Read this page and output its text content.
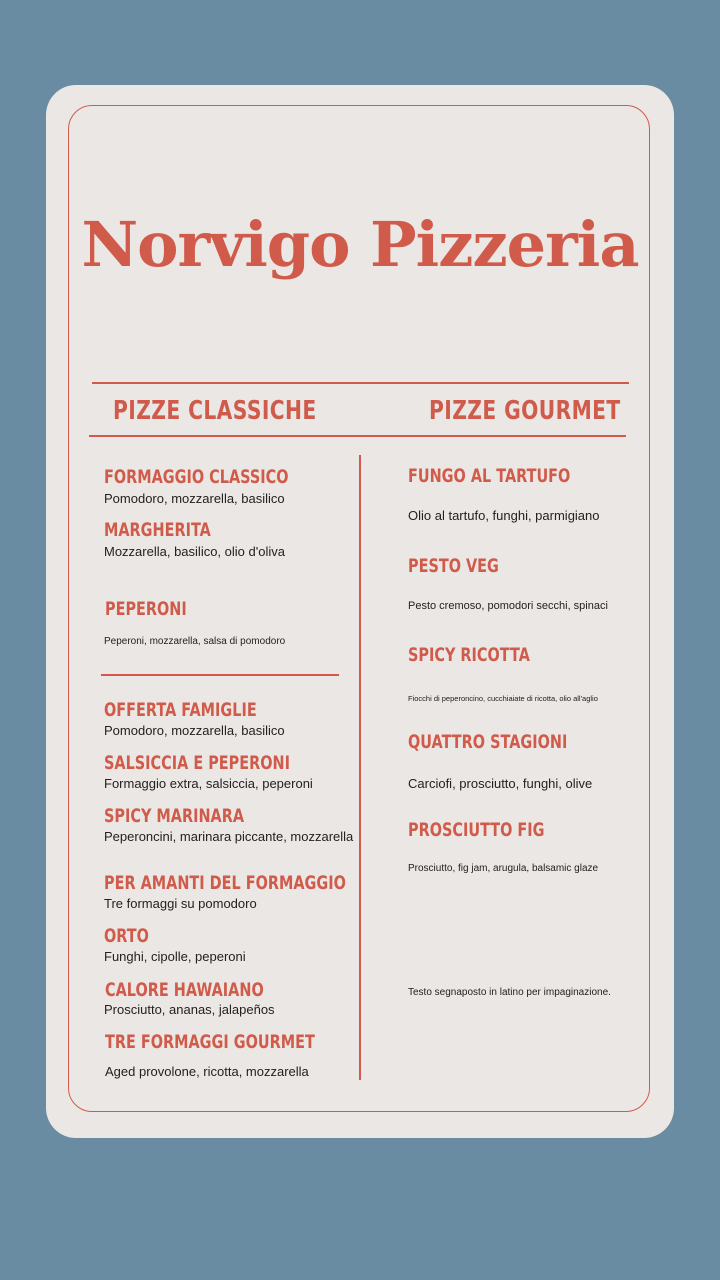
Norvigo Pizzeria
PIZZE CLASSICHE	PIZZE GOURMET
FORMAGGIO CLASSICO
Pomodoro, mozzarella, basilico
MARGHERITA
Mozzarella, basilico, olio d'oliva
PEPERONI
Peperoni, mozzarella, salsa di pomodoro
OFFERTA FAMIGLIE
Pomodoro, mozzarella, basilico
SALSICCIA E PEPERONI
Formaggio extra, salsiccia, peperoni
SPICY MARINARA
Peperoncini, marinara piccante, mozzarella
PER AMANTI DEL FORMAGGIO
Tre formaggi su pomodoro
ORTO
Funghi, cipolle, peperoni
CALORE HAWAIANO
Prosciutto, ananas, jalapeños
TRE FORMAGGI GOURMET
Aged provolone, ricotta, mozzarella
FUNGO AL TARTUFO
Olio al tartufo, funghi, parmigiano
PESTO VEG
Pesto cremoso, pomodori secchi, spinaci
SPICY RICOTTA
Fiocchi di peperoncino, cucchiaiate di ricotta, olio all'aglio
QUATTRO STAGIONI
Carciofi, prosciutto, funghi, olive
PROSCIUTTO FIG
Prosciutto, fig jam, arugula, balsamic glaze
Testo segnaposto in latino per impaginazione.
